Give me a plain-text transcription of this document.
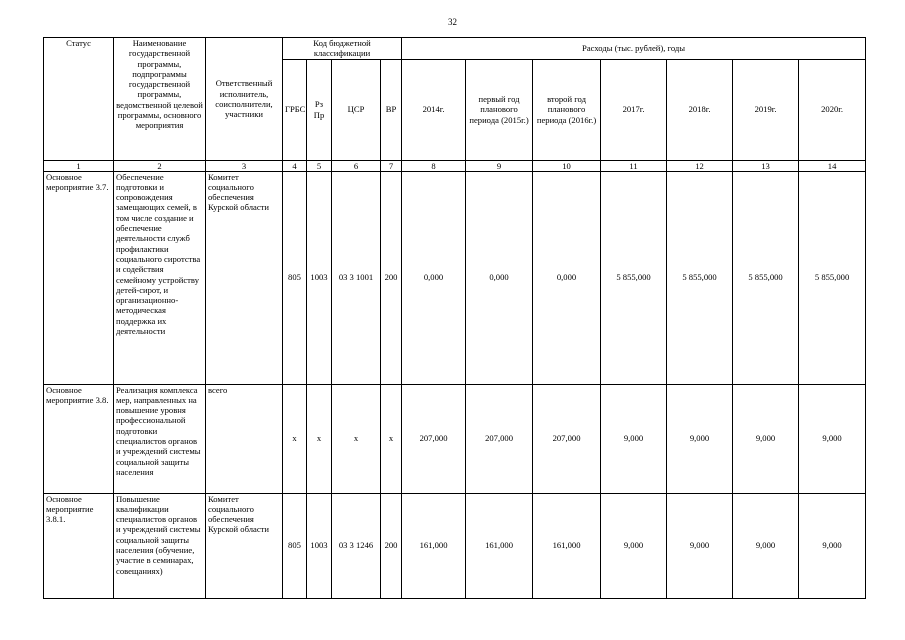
32
Статус	Наименование государственной программы, подпрограммы государственной программы, ведомственной целевой программы, основного мероприятия	Ответственный исполнитель, соисполнители, участники	Код бюджетной классификации				Расходы (тыс. рублей), годы						
			ГРБС	Рз Пр	ЦСР	ВР	2014г.	первый год планового периода (2015г.)	второй год планового периода (2016г.)	2017г.	2018г.	2019г.	2020г.
1	2	3	4	5	6	7	8	9	10	11	12	13	14
Основное мероприятие 3.7.	Обеспечение подготовки и сопровождения замещающих семей, в том числе создание и обеспечение деятельности служб профилактики социального сиротства и содействия семейному устройству детей-сирот, и организационно-методическая поддержка их деятельности	Комитет социального обеспечения Курской области	805	1003	03 3 1001	200	0,000	0,000	0,000	5 855,000	5 855,000	5 855,000	5 855,000
Основное мероприятие 3.8.	Реализация комплекса мер, направленных на повышение уровня профессиональной подготовки специалистов органов и учреждений системы социальной защиты населения	всего	x	x	x	x	207,000	207,000	207,000	9,000	9,000	9,000	9,000
Основное мероприятие 3.8.1.	Повышение квалификации специалистов органов и учреждений системы социальной защиты населения (обучение, участие в семинарах, совещаниях)	Комитет социального обеспечения Курской области	805	1003	03 3 1246	200	161,000	161,000	161,000	9,000	9,000	9,000	9,000
